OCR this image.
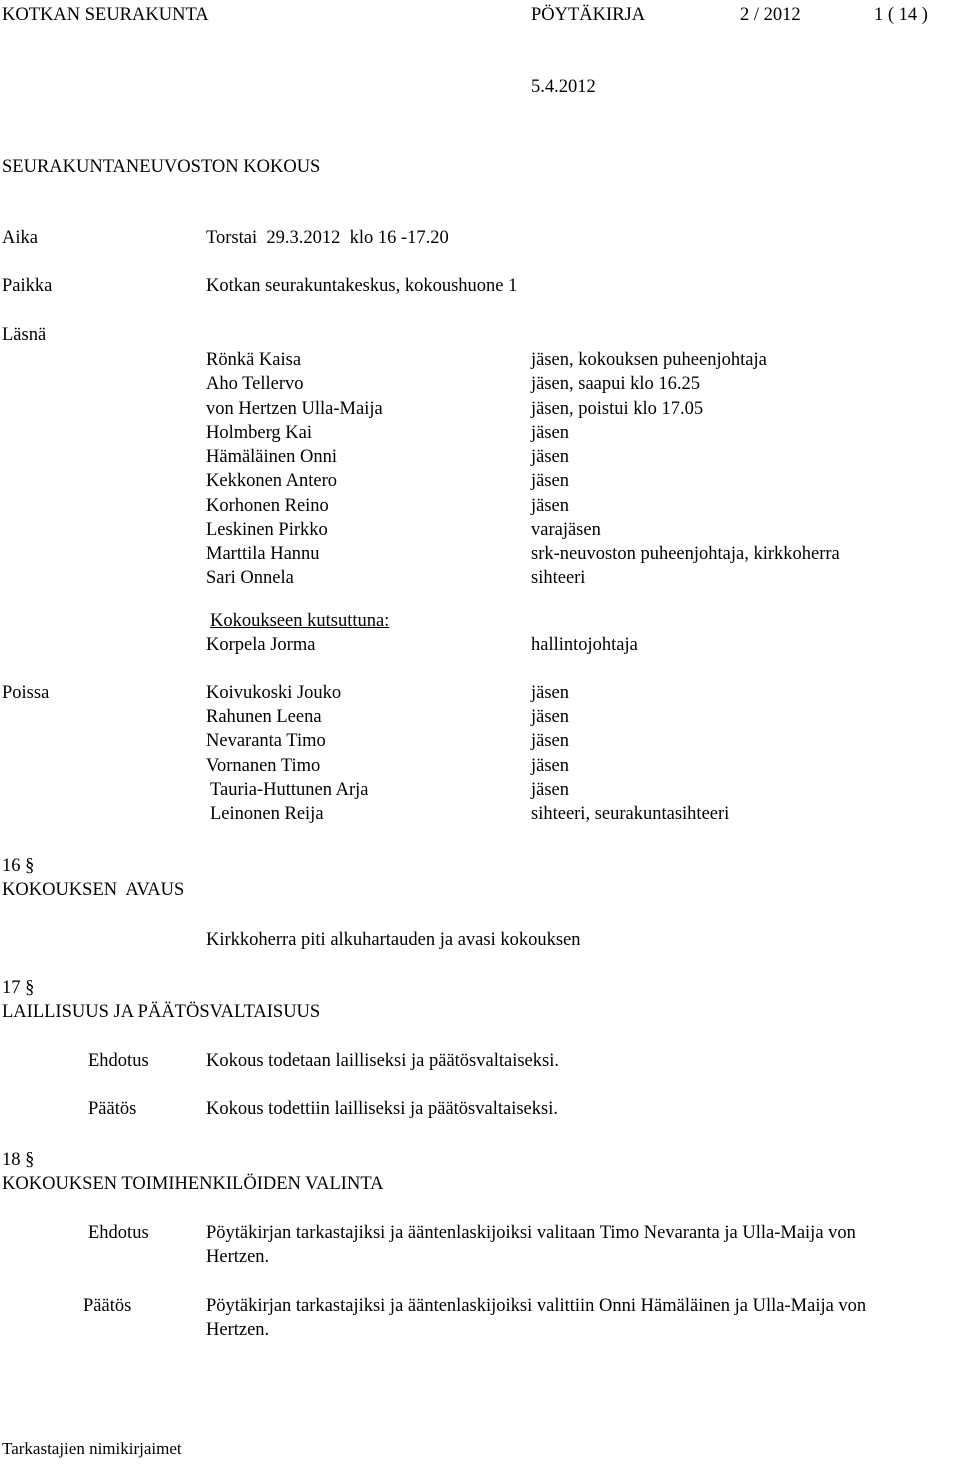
KOTKAN SEURAKUNTA	PÖYTÄKIRJA	2 / 2012	1 ( 14 )
5.4.2012
SEURAKUNTANEUVOSTON KOKOUS
Aika	Torstai  29.3.2012  klo 16 -17.20
Paikka	Kotkan seurakuntakeskus, kokoushuone 1
Läsnä
Rönkä Kaisa	jäsen, kokouksen puheenjohtaja
Aho Tellervo	jäsen, saapui klo 16.25
von Hertzen Ulla-Maija	jäsen, poistui klo 17.05
Holmberg Kai	jäsen
Hämäläinen Onni	jäsen
Kekkonen Antero	jäsen
Korhonen Reino	jäsen
Leskinen Pirkko	varajäsen
Marttila Hannu	srk-neuvoston puheenjohtaja, kirkkoherra
Sari Onnela	sihteeri
Kokoukseen kutsuttuna:
Korpela Jorma	hallintojohtaja
Poissa	Koivukoski Jouko	jäsen
Rahunen Leena	jäsen
Nevaranta Timo	jäsen
Vornanen Timo	jäsen
Tauria-Huttunen Arja	jäsen
Leinonen Reija	sihteeri, seurakuntasihteeri
16 §
KOKOUKSEN  AVAUS
Kirkkoherra piti alkuhartauden ja avasi kokouksen
17 §
LAILLISUUS JA PÄÄTÖSVALTAISUUS
Ehdotus	Kokous todetaan lailliseksi ja päätösvaltaiseksi.
Päätös	Kokous todettiin lailliseksi ja päätösvaltaiseksi.
18 §
KOKOUKSEN TOIMIHENKILÖIDEN VALINTA
Ehdotus	Pöytäkirjan tarkastajiksi ja ääntenlaskijoiksi valitaan Timo Nevaranta ja Ulla-Maija von
Hertzen.
Päätös	Pöytäkirjan tarkastajiksi ja ääntenlaskijoiksi valittiin Onni Hämäläinen ja Ulla-Maija von
Hertzen.
Tarkastajien nimikirjaimet
